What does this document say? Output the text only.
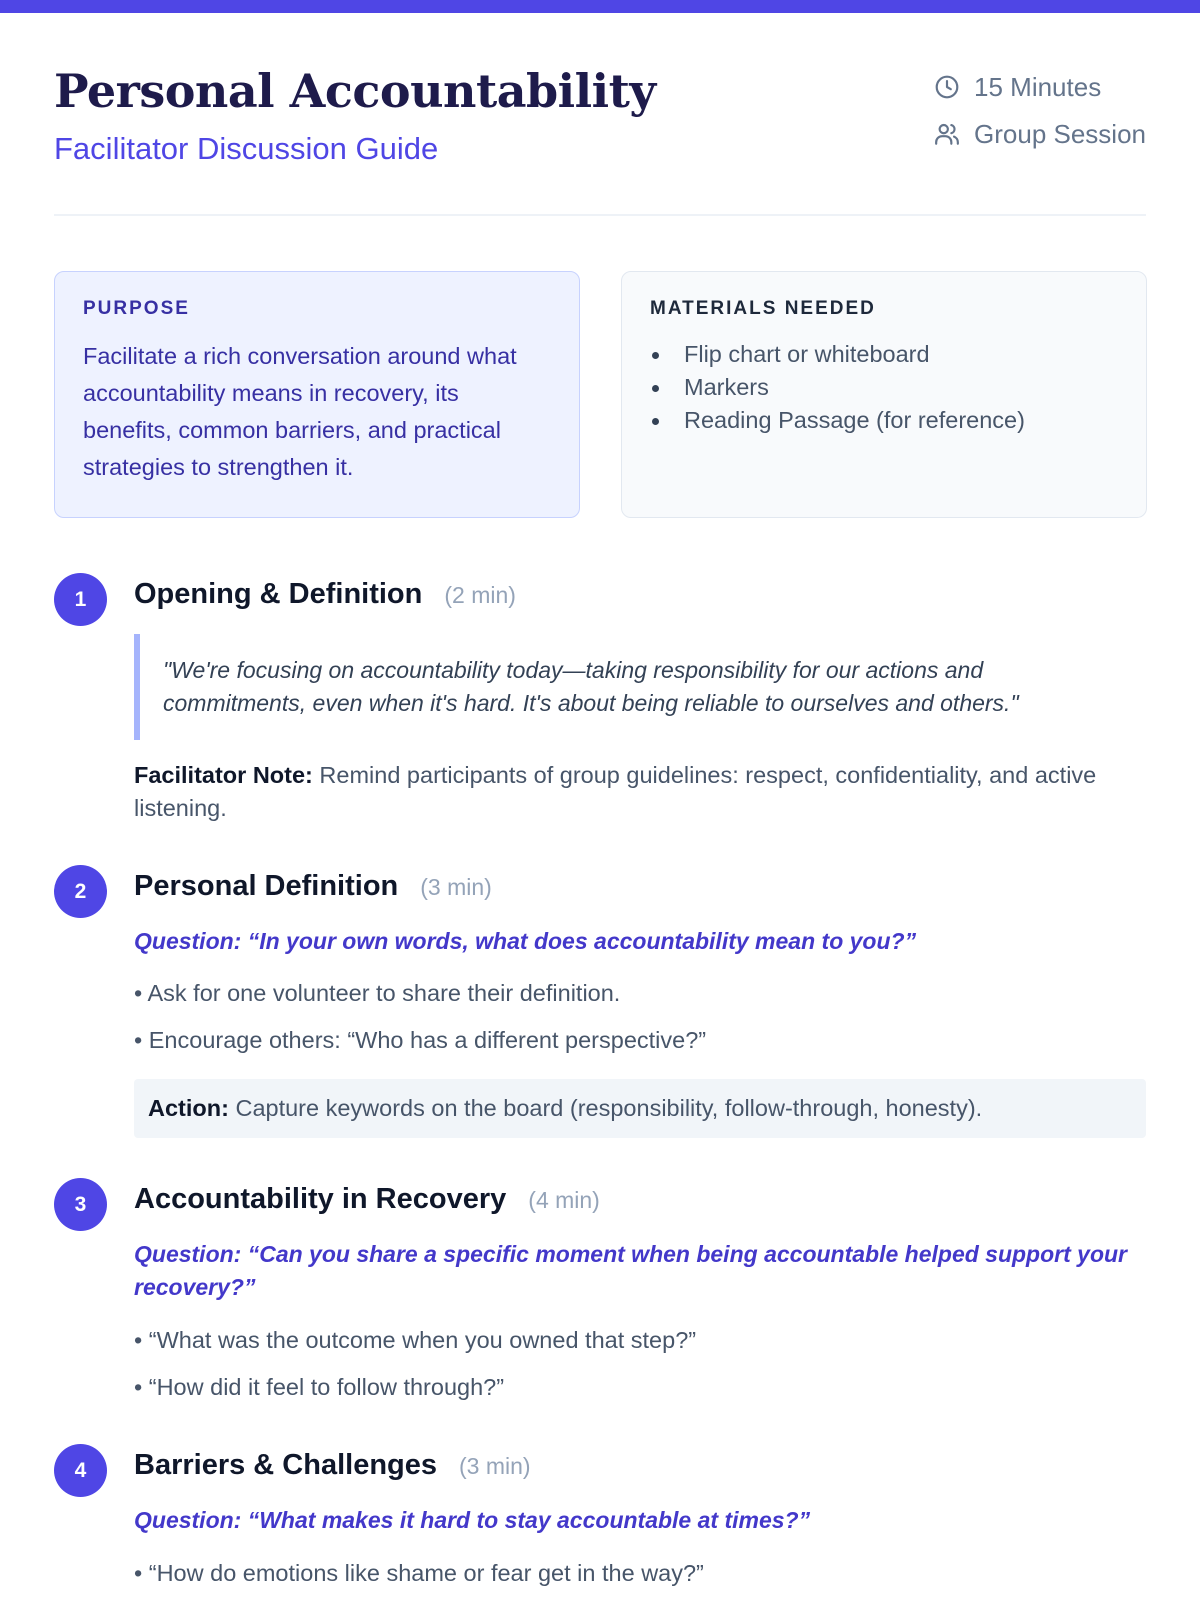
Personal Accountability
Facilitator Discussion Guide
15 Minutes
Group Session
PURPOSE
Facilitate a rich conversation around what accountability means in recovery, its benefits, common barriers, and practical strategies to strengthen it.
MATERIALS NEEDED
Flip chart or whiteboard
Markers
Reading Passage (for reference)
1	Opening & Definition (2 min)
"We're focusing on accountability today—taking responsibility for our actions and commitments, even when it's hard. It's about being reliable to ourselves and others."
Facilitator Note: Remind participants of group guidelines: respect, confidentiality, and active listening.
2	Personal Definition (3 min)
Question: “In your own words, what does accountability mean to you?”
• Ask for one volunteer to share their definition.
• Encourage others: “Who has a different perspective?”
Action:
Capture keywords on the board (responsibility, follow-through, honesty).
3	Accountability in Recovery (4 min)
Question: “Can you share a specific moment when being accountable helped support your recovery?”
• “What was the outcome when you owned that step?”
• “How did it feel to follow through?”
4	Barriers & Challenges (3 min)
Question: “What makes it hard to stay accountable at times?”
• “How do emotions like shame or fear get in the way?”
